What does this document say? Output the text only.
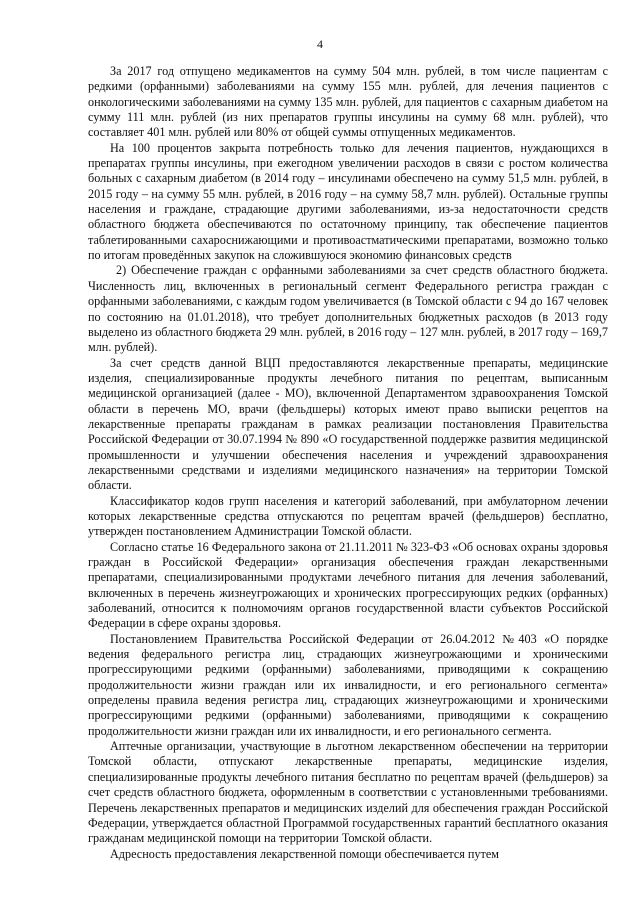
4

За 2017 год отпущено медикаментов на сумму 504 млн. рублей, в том числе пациентам с редкими (орфанными) заболеваниями на сумму 155 млн. рублей, для лечения пациентов с онкологическими заболеваниями на сумму 135 млн. рублей, для пациентов с сахарным диабетом на сумму 111 млн. рублей (из них препаратов группы инсулины на сумму 68 млн. рублей), что составляет 401 млн. рублей или 80% от общей суммы отпущенных медикаментов.

На 100 процентов закрыта потребность только для лечения пациентов, нуждающихся в препаратах группы инсулины, при ежегодном увеличении расходов в связи с ростом количества больных с сахарным диабетом (в 2014 году – инсулинами обеспечено на сумму 51,5 млн. рублей, в 2015 году – на сумму 55 млн. рублей, в 2016 году – на сумму 58,7 млн. рублей). Остальные группы населения и граждане, страдающие другими заболеваниями, из-за недостаточности средств областного бюджета обеспечиваются по остаточному принципу, так обеспечение пациентов таблетированными сахароснижающими и противоастматическими препаратами, возможно только по итогам проведённых закупок на сложившуюся экономию финансовых средств

2) Обеспечение граждан с орфанными заболеваниями за счет средств областного бюджета. Численность лиц, включенных в региональный сегмент Федерального регистра граждан с орфанными заболеваниями, с каждым годом увеличивается (в Томской области с 94 до 167 человек по состоянию на 01.01.2018), что требует дополнительных бюджетных расходов (в 2013 году выделено из областного бюджета 29 млн. рублей, в 2016 году – 127 млн. рублей, в 2017 году – 169,7 млн. рублей).

За счет средств данной ВЦП предоставляются лекарственные препараты, медицинские изделия, специализированные продукты лечебного питания по рецептам, выписанным медицинской организацией (далее - МО), включенной Департаментом здравоохранения Томской области в перечень МО, врачи (фельдшеры) которых имеют право выписки рецептов на лекарственные препараты гражданам в рамках реализации постановления Правительства Российской Федерации от 30.07.1994 № 890 «О государственной поддержке развития медицинской промышленности и улучшении обеспечения населения и учреждений здравоохранения лекарственными средствами и изделиями медицинского назначения» на территории Томской области.

Классификатор кодов групп населения и категорий заболеваний, при амбулаторном лечении которых лекарственные средства отпускаются по рецептам врачей (фельдшеров) бесплатно, утвержден постановлением Администрации Томской области.

Согласно статье 16 Федерального закона от 21.11.2011 № 323-ФЗ «Об основах охраны здоровья граждан в Российской Федерации» организация обеспечения граждан лекарственными препаратами, специализированными продуктами лечебного питания для лечения заболеваний, включенных в перечень жизнеугрожающих и хронических прогрессирующих редких (орфанных) заболеваний, относится к полномочиям органов государственной власти субъектов Российской Федерации в сфере охраны здоровья.

Постановлением Правительства Российской Федерации от 26.04.2012 №403 «О порядке ведения федерального регистра лиц, страдающих жизнеугрожающими и хроническими прогрессирующими редкими (орфанными) заболеваниями, приводящими к сокращению продолжительности жизни граждан или их инвалидности, и его регионального сегмента» определены правила ведения регистра лиц, страдающих жизнеугрожающими и хроническими прогрессирующими редкими (орфанными) заболеваниями, приводящими к сокращению продолжительности жизни граждан или их инвалидности, и его регионального сегмента.

Аптечные организации, участвующие в льготном лекарственном обеспечении на территории Томской области, отпускают лекарственные препараты, медицинские изделия, специализированные продукты лечебного питания бесплатно по рецептам врачей (фельдшеров) за счет средств областного бюджета, оформленным в соответствии с установленными требованиями. Перечень лекарственных препаратов и медицинских изделий для обеспечения граждан Российской Федерации, утверждается областной Программой государственных гарантий бесплатного оказания гражданам медицинской помощи на территории Томской области.

Адресность предоставления лекарственной помощи обеспечивается путем
